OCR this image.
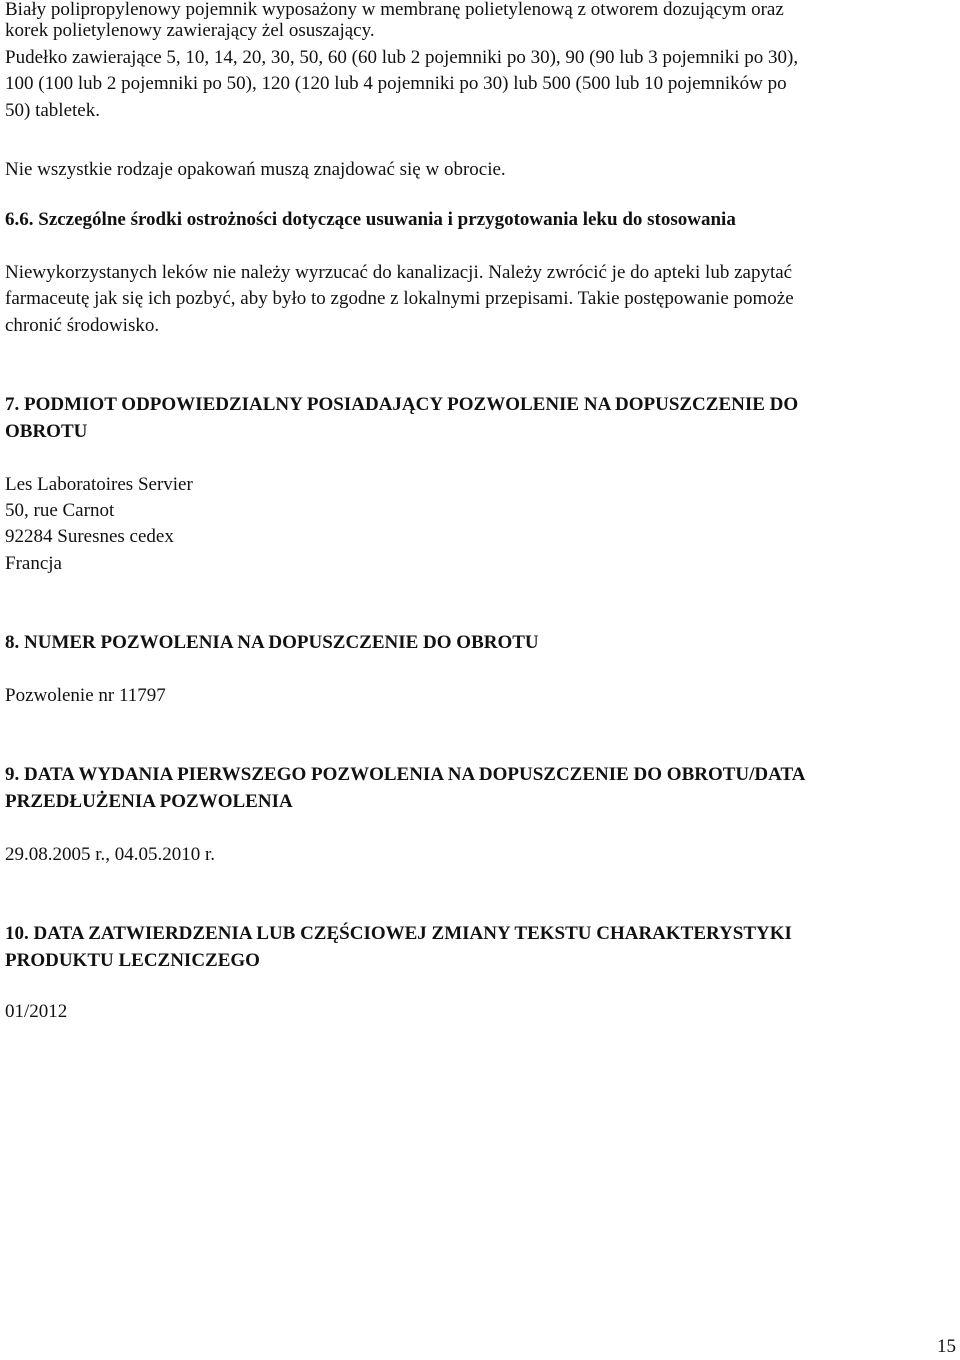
Biały polipropylenowy pojemnik wyposażony w membranę polietylenową z otworem dozującym oraz
korek polietylenowy zawierający żel osuszający.
Pudełko zawierające 5, 10, 14, 20, 30, 50, 60 (60 lub 2 pojemniki po 30), 90 (90 lub 3 pojemniki po 30),
100 (100 lub 2 pojemniki po 50), 120 (120 lub 4 pojemniki po 30) lub 500 (500 lub 10 pojemników po
50) tabletek.
Nie wszystkie rodzaje opakowań muszą znajdować się w obrocie.
6.6. Szczególne środki ostrożności dotyczące usuwania i przygotowania leku do stosowania
Niewykorzystanych leków nie należy wyrzucać do kanalizacji. Należy zwrócić je do apteki lub zapytać
farmaceutę jak się ich pozbyć, aby było to zgodne z lokalnymi przepisami. Takie postępowanie pomoże
chronić środowisko.
7. PODMIOT ODPOWIEDZIALNY POSIADAJĄCY POZWOLENIE NA DOPUSZCZENIE DO
OBROTU
Les Laboratoires Servier
50, rue Carnot
92284 Suresnes cedex
Francja
8. NUMER POZWOLENIA NA DOPUSZCZENIE DO OBROTU
Pozwolenie nr 11797
9. DATA WYDANIA PIERWSZEGO POZWOLENIA NA DOPUSZCZENIE DO OBROTU/DATA
PRZEDŁUŻENIA POZWOLENIA
29.08.2005 r., 04.05.2010 r.
10. DATA ZATWIERDZENIA LUB CZĘŚCIOWEJ ZMIANY TEKSTU CHARAKTERYSTYKI
PRODUKTU LECZNICZEGO
01/2012
15
